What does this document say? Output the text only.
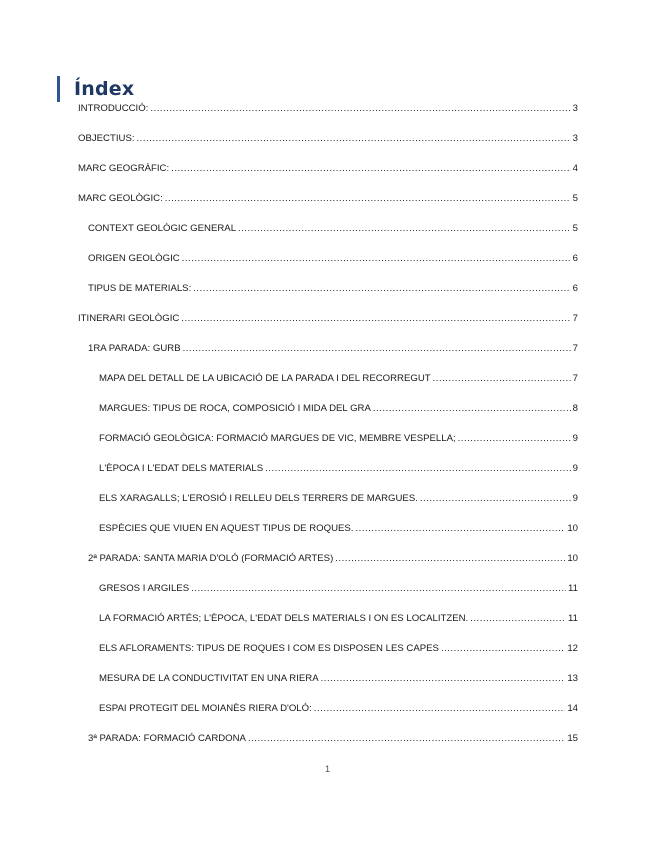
Índex
INTRODUCCIÓ: .....	3
OBJECTIUS: .....	3
MARC GEOGRÀFIC: .....	4
MARC GEOLÒGIC: .....	5
CONTEXT GEOLÒGIC GENERAL .....	5
ORIGEN GEOLÒGIC .....	6
TIPUS DE MATERIALS: .....	6
ITINERARI GEOLÒGIC .....	7
1RA PARADA: GURB .....	7
MAPA DEL DETALL DE LA UBICACIÓ DE LA PARADA I DEL RECORREGUT .....	7
MARGUES: TIPUS DE ROCA, COMPOSICIÓ I MIDA DEL GRA .....	8
FORMACIÓ GEOLÒGICA: FORMACIÓ MARGUES DE VIC, MEMBRE VESPELLA; .....	9
L'ÈPOCA I L'EDAT DELS MATERIALS .....	9
ELS XARAGALLS; L'EROSIÓ I RELLEU DELS TERRERS DE MARGUES. .....	9
ESPÈCIES QUE VIUEN EN AQUEST TIPUS DE ROQUES. .....	10
2ª PARADA: SANTA MARIA D'OLÓ (FORMACIÓ ARTES) .....	10
GRESOS I ARGILES .....	11
LA FORMACIÓ ARTÉS; L'ÈPOCA, L'EDAT DELS MATERIALS I ON ES LOCALITZEN. .....	11
ELS AFLORAMENTS: TIPUS DE ROQUES I COM ES DISPOSEN LES CAPES .....	12
MESURA DE LA CONDUCTIVITAT EN UNA RIERA .....	13
ESPAI PROTEGIT DEL MOIANÈS RIERA D'OLÓ: .....	14
3ª PARADA: FORMACIÓ CARDONA .....	15
1
